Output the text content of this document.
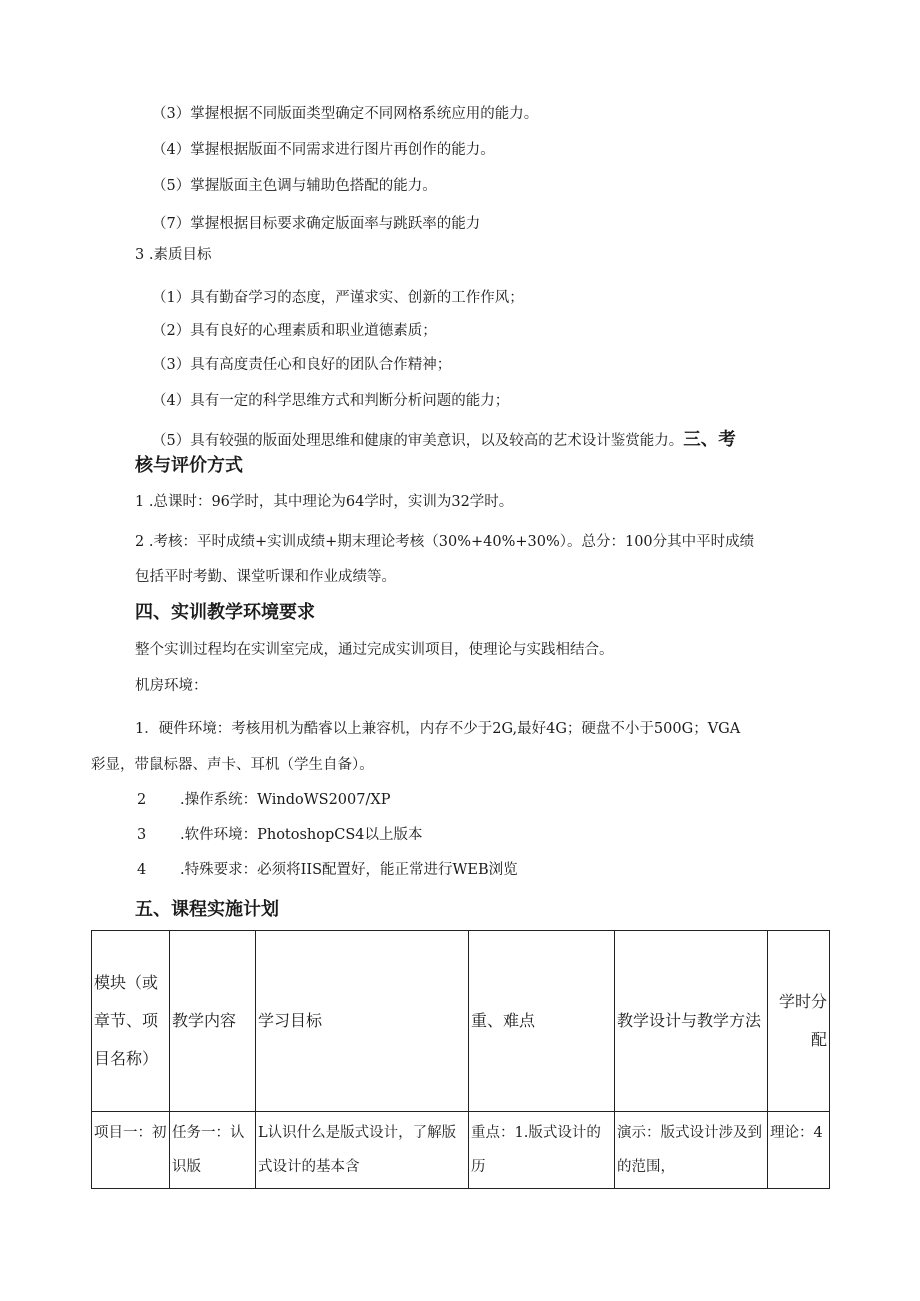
（3）掌握根据不同版面类型确定不同网格系统应用的能力。
（4）掌握根据版面不同需求进行图片再创作的能力。
（5）掌握版面主色调与辅助色搭配的能力。
（7）掌握根据目标要求确定版面率与跳跃率的能力
3 .素质目标
（1）具有勤奋学习的态度，严谨求实、创新的工作作风；
（2）具有良好的心理素质和职业道德素质；
（3）具有高度责任心和良好的团队合作精神；
（4）具有一定的科学思维方式和判断分析问题的能力；
（5）具有较强的版面处理思维和健康的审美意识，以及较高的艺术设计鉴赏能力。三、考
核与评价方式
1 .总课时：96学时，其中理论为64学时，实训为32学时。
2 .考核：平时成绩+实训成绩+期末理论考核（30%+40%+30%）。总分：100分其中平时成绩
包括平时考勤、课堂听课和作业成绩等。
四、实训教学环境要求
整个实训过程均在实训室完成，通过完成实训项目，使理论与实践相结合。
机房环境：
1．硬件环境：考核用机为酷睿以上兼容机，内存不少于2G,最好4G；硬盘不小于500G；VGA
彩显，带鼠标器、声卡、耳机（学生自备）。
2 .操作系统：WindoWS2007/XP
3 .软件环境：PhotoshopCS4以上版本
4 .特殊要求：必须将IIS配置好，能正常进行WEB浏览
五、课程实施计划
模块（或章节、项目名称）	教学内容	学习目标	重、难点	教学设计与教学方法	学时分配

项目一：初	任务一：认识版	L认识什么是版式设计，了解版式设计的基本含	重点：1.版式设计的历	演示：版式设计涉及到的范围，	理论：4
